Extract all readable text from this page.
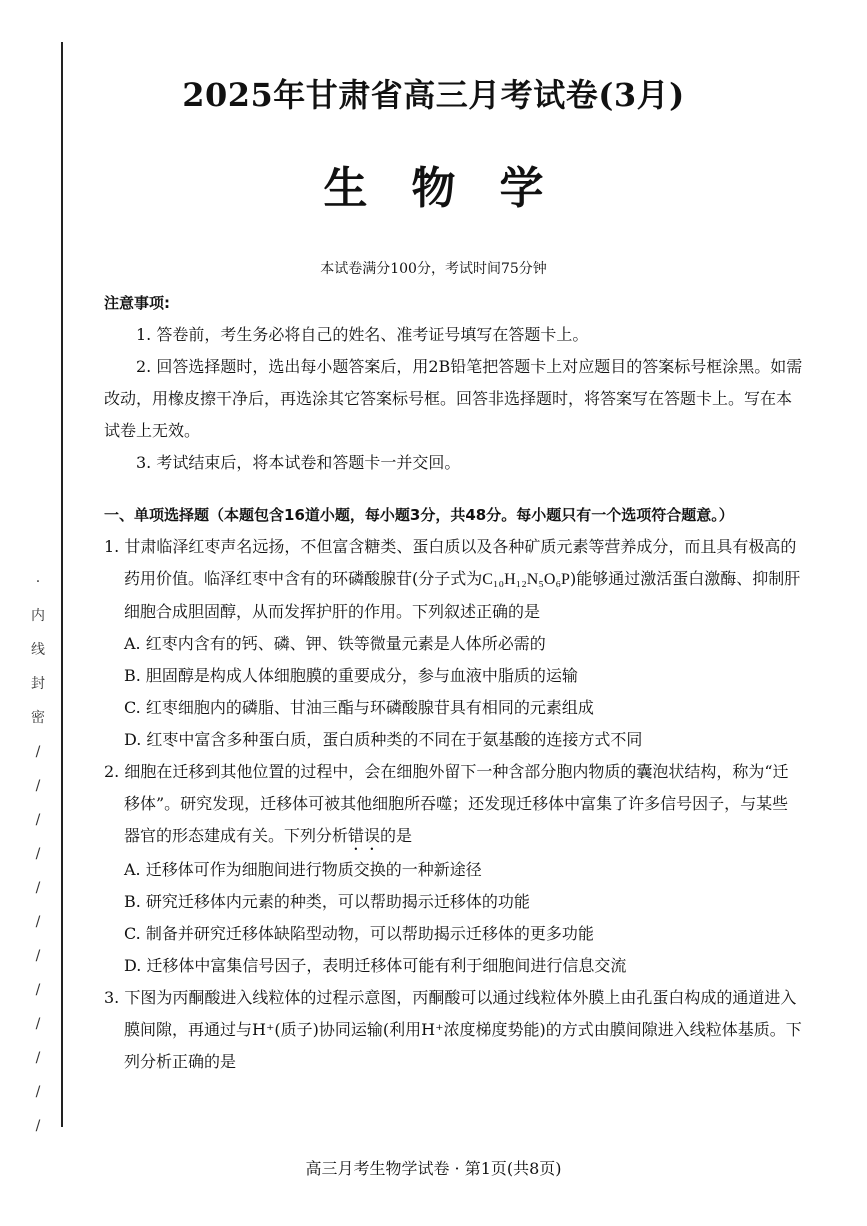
· 内
线
封
密
/
/
/
/
/
/
/
/
/
/
/
/
2025年甘肃省高三月考试卷(3月)
生　物　学
本试卷满分100分，考试时间75分钟
注意事项:
1. 答卷前，考生务必将自己的姓名、准考证号填写在答题卡上。
2. 回答选择题时，选出每小题答案后，用2B铅笔把答题卡上对应题目的答案标号框涂黑。如需改动，用橡皮擦干净后，再选涂其它答案标号框。回答非选择题时，将答案写在答题卡上。写在本试卷上无效。
3. 考试结束后，将本试卷和答题卡一并交回。
一、单项选择题（本题包含16道小题，每小题3分，共48分。每小题只有一个选项符合题意。）
1. 甘肃临泽红枣声名远扬，不但富含糖类、蛋白质以及各种矿质元素等营养成分，而且具有极高的药用价值。临泽红枣中含有的环磷酸腺苷(分子式为C₁₀H₁₂N₅O₆P)能够通过激活蛋白激酶、抑制肝细胞合成胆固醇，从而发挥护肝的作用。下列叙述正确的是
A. 红枣内含有的钙、磷、钾、铁等微量元素是人体所必需的
B. 胆固醇是构成人体细胞膜的重要成分，参与血液中脂质的运输
C. 红枣细胞内的磷脂、甘油三酯与环磷酸腺苷具有相同的元素组成
D. 红枣中富含多种蛋白质，蛋白质种类的不同在于氨基酸的连接方式不同
2. 细胞在迁移到其他位置的过程中，会在细胞外留下一种含部分胞内物质的囊泡状结构，称为“迁移体”。研究发现，迁移体可被其他细胞所吞噬；还发现迁移体中富集了许多信号因子，与某些器官的形态建成有关。下列分析错误的是
A. 迁移体可作为细胞间进行物质交换的一种新途径
B. 研究迁移体内元素的种类，可以帮助揭示迁移体的功能
C. 制备并研究迁移体缺陷型动物，可以帮助揭示迁移体的更多功能
D. 迁移体中富集信号因子，表明迁移体可能有利于细胞间进行信息交流
3. 下图为丙酮酸进入线粒体的过程示意图，丙酮酸可以通过线粒体外膜上由孔蛋白构成的通道进入膜间隙，再通过与H⁺(质子)协同运输(利用H⁺浓度梯度势能)的方式由膜间隙进入线粒体基质。下列分析正确的是
高三月考生物学试卷 · 第1页(共8页)
